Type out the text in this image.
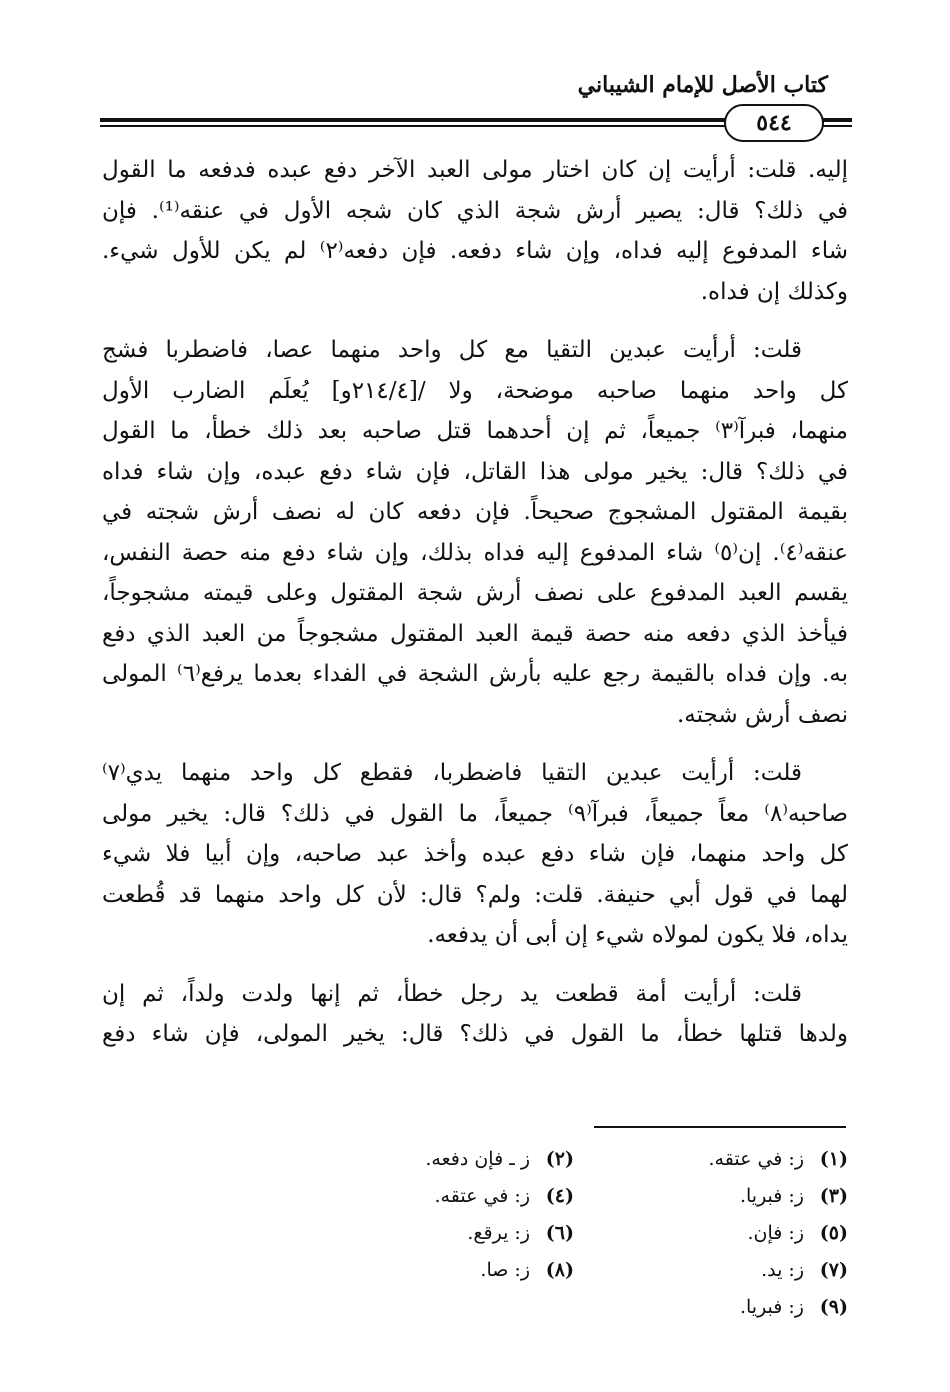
كتاب الأصل للإمام الشيباني
٥٤٤
إليه. قلت: أرأيت إن كان اختار مولى العبد الآخر دفع عبده فدفعه ما القول
في ذلك؟ قال: يصير أرش شجة الذي كان شجه الأول في عنقه⁽¹⁾. فإن
شاء المدفوع إليه فداه، وإن شاء دفعه. فإن دفعه⁽٢⁾ لم يكن للأول شيء.
وكذلك إن فداه.
قلت: أرأيت عبدين التقيا مع كل واحد منهما عصا، فاضطربا فشج
كل واحد منهما صاحبه موضحة، ولا /[٢١٤/٤و] يُعلَم الضارب الأول
منهما، فبرآ⁽٣⁾ جميعاً، ثم إن أحدهما قتل صاحبه بعد ذلك خطأ، ما القول
في ذلك؟ قال: يخير مولى هذا القاتل، فإن شاء دفع عبده، وإن شاء فداه
بقيمة المقتول المشجوج صحيحاً. فإن دفعه كان له نصف أرش شجته في
عنقه⁽٤⁾. إن⁽٥⁾ شاء المدفوع إليه فداه بذلك، وإن شاء دفع منه حصة النفس،
يقسم العبد المدفوع على نصف أرش شجة المقتول وعلى قيمته مشجوجاً،
فيأخذ الذي دفعه منه حصة قيمة العبد المقتول مشجوجاً من العبد الذي دفع
به. وإن فداه بالقيمة رجع عليه بأرش الشجة في الفداء بعدما يرفع⁽٦⁾ المولى
نصف أرش شجته.
قلت: أرأيت عبدين التقيا فاضطربا، فقطع كل واحد منهما يدي⁽٧⁾
صاحبه⁽٨⁾ معاً جميعاً، فبرآ⁽٩⁾ جميعاً، ما القول في ذلك؟ قال: يخير مولى
كل واحد منهما، فإن شاء دفع عبده وأخذ عبد صاحبه، وإن أبيا فلا شيء
لهما في قول أبي حنيفة. قلت: ولم؟ قال: لأن كل واحد منهما قد قُطعت
يداه، فلا يكون لمولاه شيء إن أبى أن يدفعه.
قلت: أرأيت أمة قطعت يد رجل خطأ، ثم إنها ولدت ولداً، ثم إن
ولدها قتلها خطأ، ما القول في ذلك؟ قال: يخير المولى، فإن شاء دفع
(١)
ز: في عتقه.
(٢)
ز ـ فإن دفعه.
(٣)
ز: فبريا.
(٤)
ز: في عتقه.
(٥)
ز: فإن.
(٦)
ز: يرقع.
(٧)
ز: يد.
(٨)
ز: صا.
(٩)
ز: فبريا.
